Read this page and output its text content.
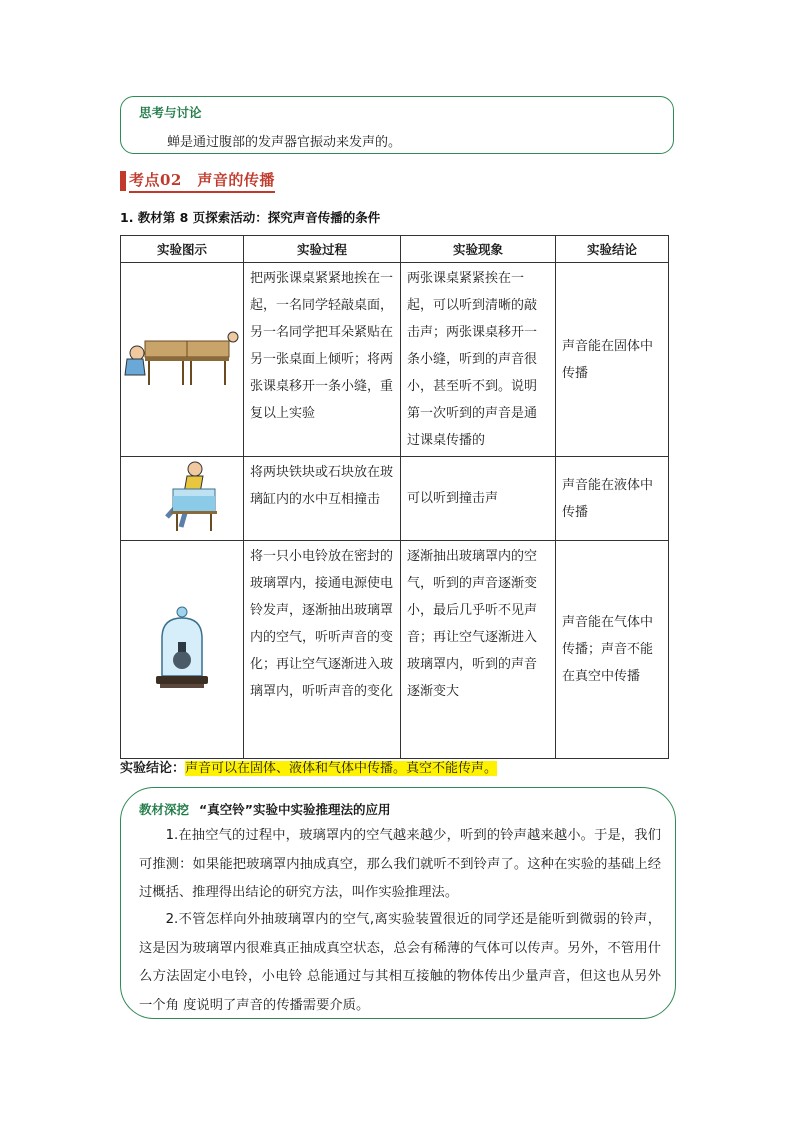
思考与讨论
蝉是通过腹部的发声器官振动来发声的。
考点02　声音的传播
1. 教材第 8 页探索活动：探究声音传播的条件
实验图示	实验过程	实验现象	实验结论
	把两张课桌紧紧地挨在一起，一名同学轻敲桌面，另一名同学把耳朵紧贴在另一张桌面上倾听；将两张课桌移开一条小缝，重复以上实验	两张课桌紧紧挨在一起，可以听到清晰的敲击声；两张课桌移开一条小缝，听到的声音很小，甚至听不到。说明第一次听到的声音是通过课桌传播的	声音能在固体中传播
	将两块铁块或石块放在玻璃缸内的水中互相撞击	可以听到撞击声	声音能在液体中传播
	将一只小电铃放在密封的玻璃罩内，接通电源使电铃发声，逐渐抽出玻璃罩内的空气，听听声音的变化；再让空气逐渐进入玻璃罩内，听听声音的变化	逐渐抽出玻璃罩内的空气，听到的声音逐渐变小，最后几乎听不见声音；再让空气逐渐进入玻璃罩内，听到的声音逐渐变大	声音能在气体中传播；声音不能在真空中传播
实验结论：声音可以在固体、液体和气体中传播。真空不能传声。
教材深挖 “真空铃”实验中实验推理法的应用
1.在抽空气的过程中，玻璃罩内的空气越来越少，听到的铃声越来越小。于是，我们可推测：如果能把玻璃罩内抽成真空，那么我们就听不到铃声了。这种在实验的基础上经过概括、推理得出结论的研究方法，叫作实验推理法。
2.不管怎样向外抽玻璃罩内的空气,离实验装置很近的同学还是能听到微弱的铃声，这是因为玻璃罩内很难真正抽成真空状态，总会有稀薄的气体可以传声。另外，不管用什么方法固定小电铃，小电铃 总能通过与其相互接触的物体传出少量声音，但这也从另外一个角 度说明了声音的传播需要介质。
